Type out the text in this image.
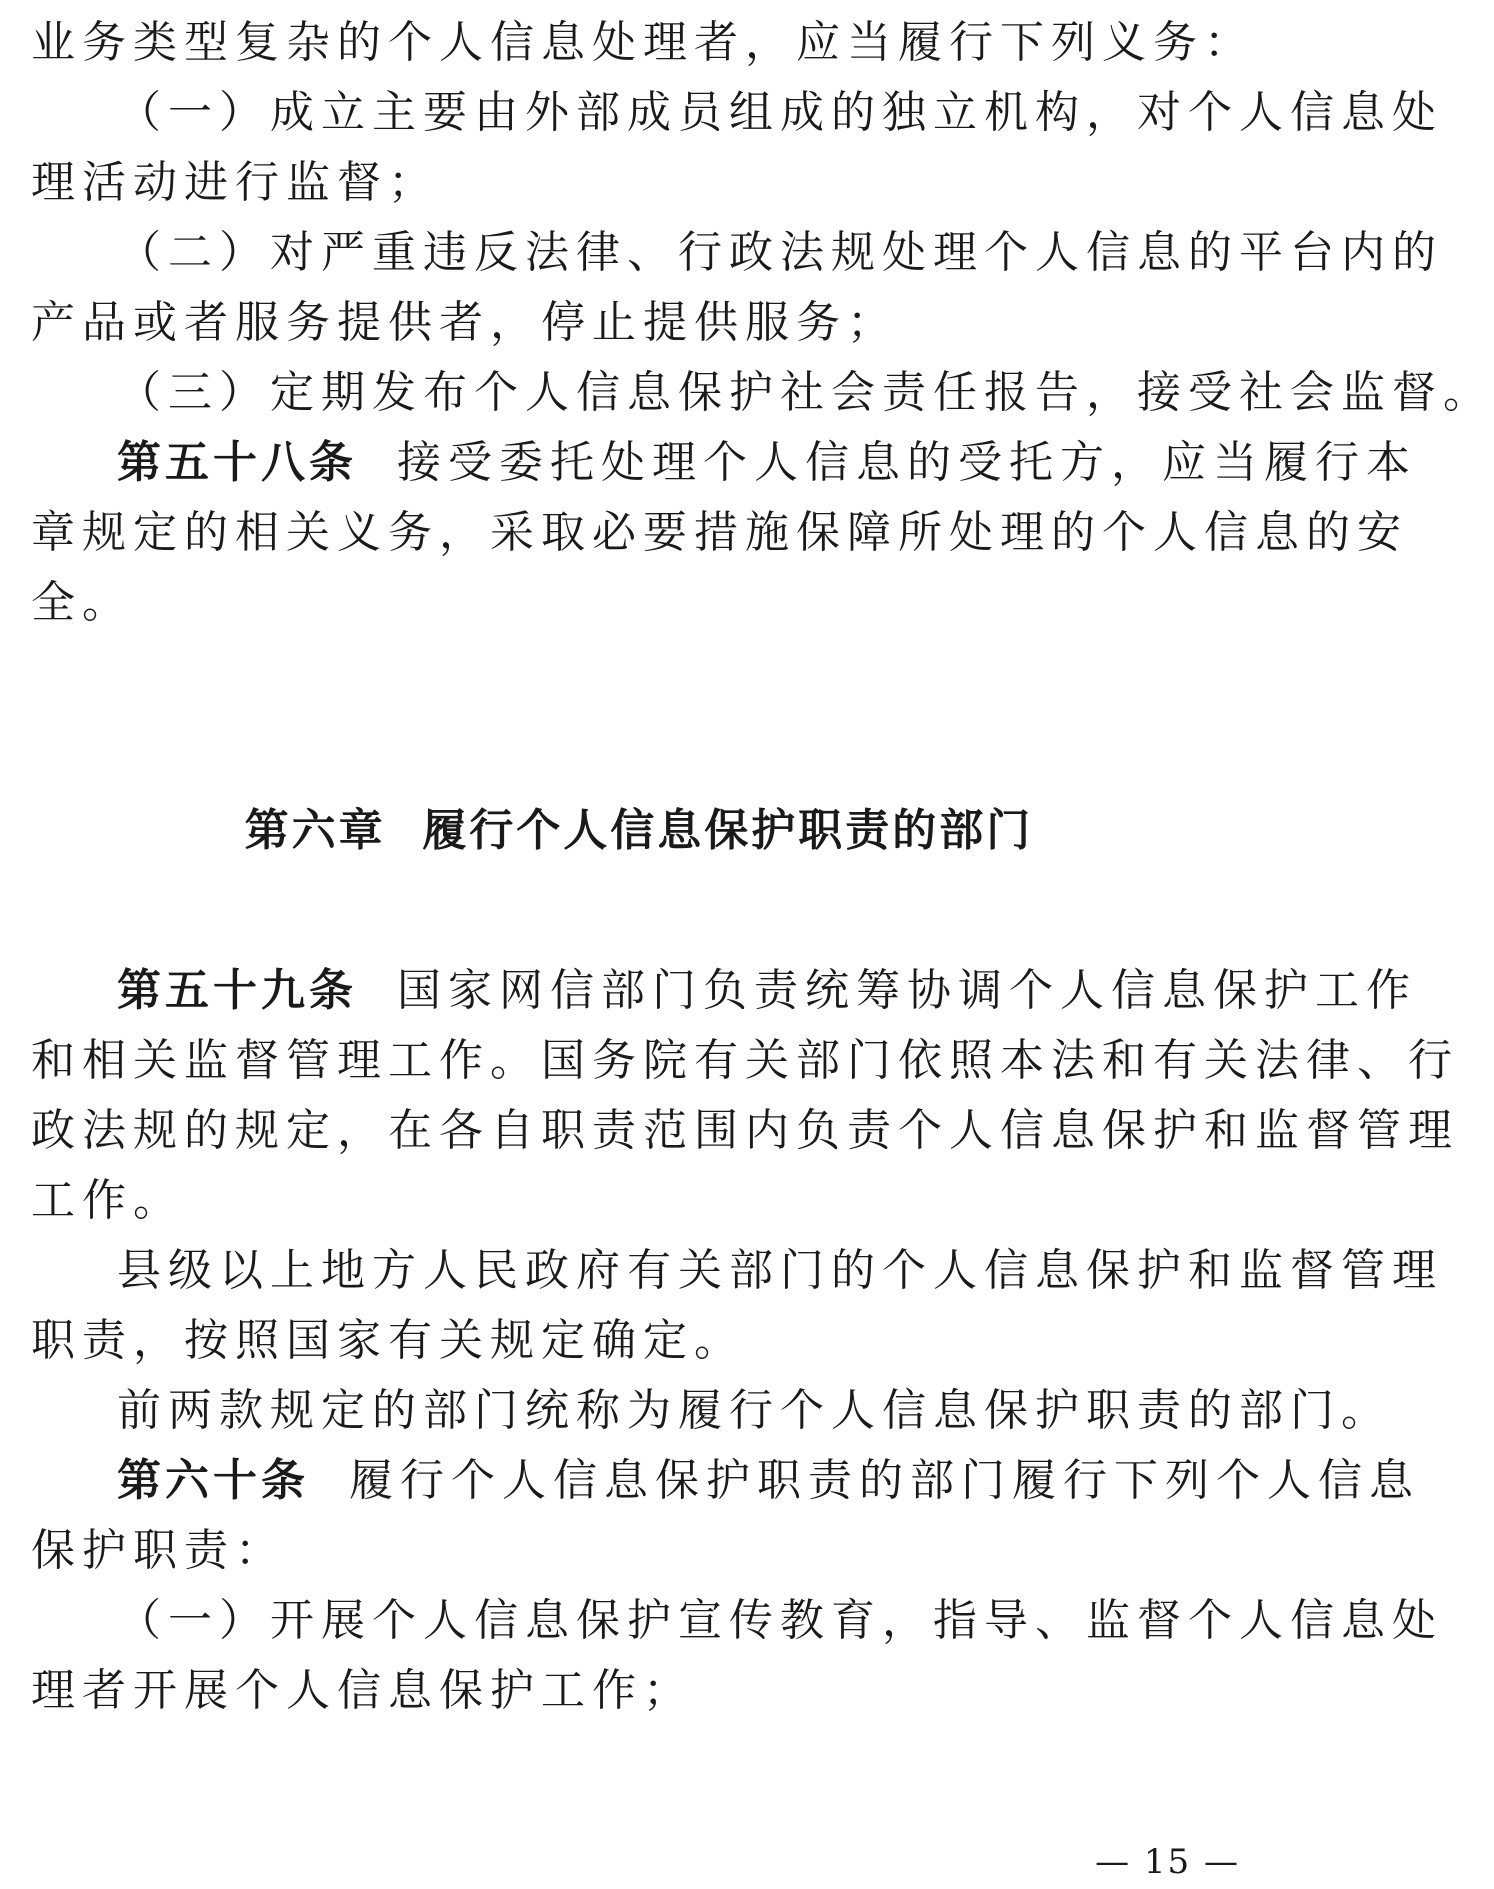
业务类型复杂的个人信息处理者，应当履行下列义务：
（一）成立主要由外部成员组成的独立机构，对个人信息处
理活动进行监督；
（二）对严重违反法律、行政法规处理个人信息的平台内的
产品或者服务提供者，停止提供服务；
（三）定期发布个人信息保护社会责任报告，接受社会监督。
第五十八条 接受委托处理个人信息的受托方，应当履行本
章规定的相关义务，采取必要措施保障所处理的个人信息的安
全。
第六章 履行个人信息保护职责的部门
第五十九条 国家网信部门负责统筹协调个人信息保护工作
和相关监督管理工作。国务院有关部门依照本法和有关法律、行
政法规的规定，在各自职责范围内负责个人信息保护和监督管理
工作。
县级以上地方人民政府有关部门的个人信息保护和监督管理
职责，按照国家有关规定确定。
前两款规定的部门统称为履行个人信息保护职责的部门。
第六十条 履行个人信息保护职责的部门履行下列个人信息
保护职责：
（一）开展个人信息保护宣传教育，指导、监督个人信息处
理者开展个人信息保护工作；
— 15 —
